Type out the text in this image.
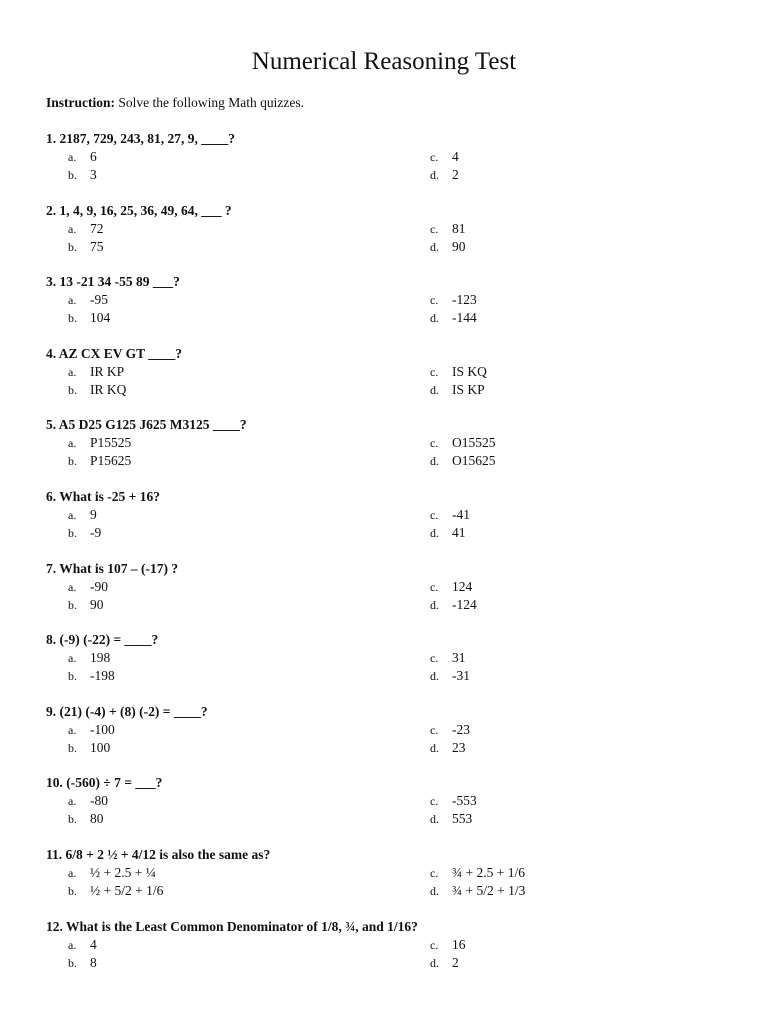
Numerical Reasoning Test
Instruction: Solve the following Math quizzes.
1. 2187, 729, 243, 81, 27, 9, ____?
a. 6
b. 3
c. 4
d. 2
2. 1, 4, 9, 16, 25, 36, 49, 64, ___ ?
a. 72
b. 75
c. 81
d. 90
3. 13 -21 34 -55 89 ___?
a. -95
b. 104
c. -123
d. -144
4. AZ CX EV GT ____?
a. IR KP
b. IR KQ
c. IS KQ
d. IS KP
5. A5 D25 G125 J625 M3125 ____?
a. P15525
b. P15625
c. O15525
d. O15625
6. What is -25 + 16?
a. 9
b. -9
c. -41
d. 41
7. What is 107 – (-17) ?
a. -90
b. 90
c. 124
d. -124
8. (-9) (-22) = ____?
a. 198
b. -198
c. 31
d. -31
9. (21) (-4) + (8) (-2) = ____?
a. -100
b. 100
c. -23
d. 23
10. (-560) ÷ 7 = ___?
a. -80
b. 80
c. -553
d. 553
11. 6/8 + 2 ½ + 4/12 is also the same as?
a. ½ + 2.5 + ¼
b. ½ + 5/2 + 1/6
c. ¾ + 2.5 + 1/6
d. ¾ + 5/2 + 1/3
12. What is the Least Common Denominator of 1/8, ¾, and 1/16?
a. 4
b. 8
c. 16
d. 2
